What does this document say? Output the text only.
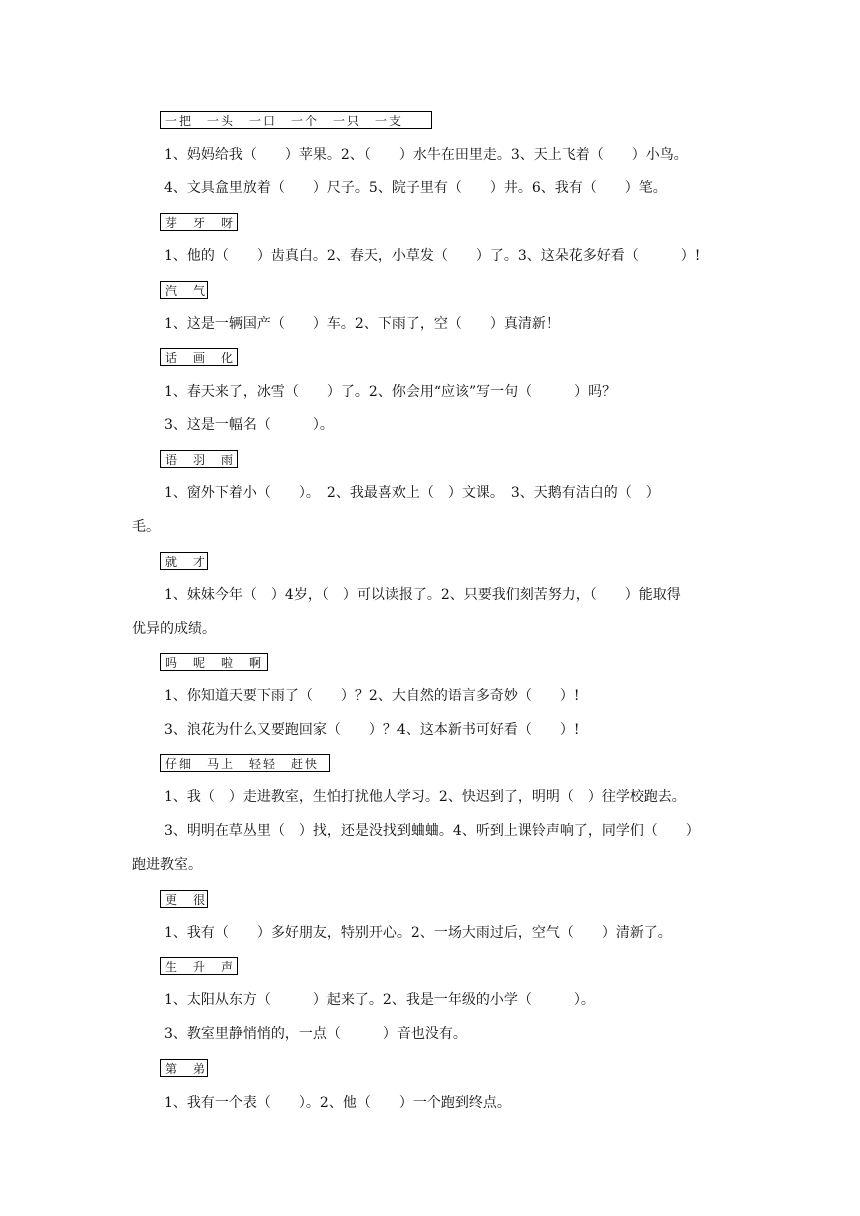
一把　一头　一口　一个　一只　一支
1、妈妈给我（　　）苹果。2、（　　）水牛在田里走。3、天上飞着（　　）小鸟。
4、文具盒里放着（　　）尺子。5、院子里有（　　）井。6、我有（　　）笔。
芽　牙　呀
1、他的（　　）齿真白。2、春天，小草发（　　）了。3、这朵花多好看（　　　）!
汽　气
1、这是一辆国产（　　）车。2、下雨了，空（　　）真清新！
话　画　化
1、春天来了，冰雪（　　）了。2、你会用“应该”写一句（　　　）吗？
3、这是一幅名（　　　）。
语　羽　雨
1、窗外下着小（　　）。　2、我最喜欢上（　）文课。　3、天鹅有洁白的（　）
毛。
就　才
1、妹妹今年（　）4岁，（　）可以读报了。2、只要我们刻苦努力，（　　）能取得
优异的成绩。
吗　呢　啦　啊
1、你知道天要下雨了（　　）？2、大自然的语言多奇妙（　　）!
3、浪花为什么又要跑回家（　　）？4、这本新书可好看（　　）!
仔细　马上　轻轻　赶快
1、我（　）走进教室，生怕打扰他人学习。2、快迟到了，明明（　）往学校跑去。
3、明明在草丛里（　）找，还是没找到蛐蛐。4、听到上课铃声响了，同学们（　　）
跑进教室。
更　很
1、我有（　　）多好朋友，特别开心。2、一场大雨过后，空气（　　）清新了。
生　升　声
1、太阳从东方（　　　）起来了。2、我是一年级的小学（　　　）。
3、教室里静悄悄的，一点（　　　）音也没有。
第　弟
1、我有一个表（　　）。2、他（　　）一个跑到终点。
